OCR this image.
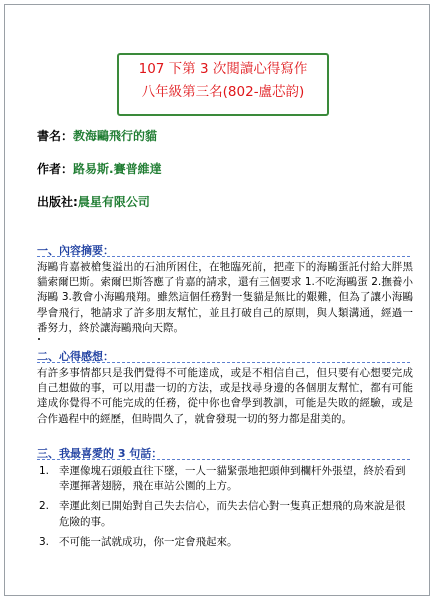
107 下第 3 次閱讀心得寫作
八年級第三名(802-盧芯韵)
書名：教海鷗飛行的貓
作者：路易斯.賽普維達
出版社:晨星有限公司
一、內容摘要：
海鷗肯嘉被槍隻溢出的石油所困住，在牠臨死前，把產下的海鷗蛋託付給大胖黑貓索爾巴斯。索爾巴斯答應了肯嘉的請求，還有三個要求 1.不吃海鷗蛋 2.撫養小海鷗 3.教會小海鷗飛翔。雖然這個任務對一隻貓是無比的艱難，但為了讓小海鷗學會飛行，牠請求了許多朋友幫忙，並且打破自己的原則，與人類溝通，經過一番努力，終於讓海鷗飛向天際。
二、心得感想：
有許多事情都只是我們覺得不可能達成，或是不相信自己，但只要有心想要完成自己想做的事，可以用盡一切的方法，或是找尋身邊的各個朋友幫忙，都有可能達成你覺得不可能完成的任務，從中你也會學到教訓，可能是失敗的經驗，或是合作過程中的經歷，但時間久了，就會發現一切的努力都是甜美的。
三、我最喜愛的 3 句話：
1. 幸運像塊石頭般直往下墜，一人一貓緊張地把頭伸到欄杆外張望，終於看到幸運揮著翅膀，飛在車站公園的上方。
2. 幸運此刻已開始對自己失去信心，而失去信心對一隻真正想飛的鳥來說是很危險的事。
3. 不可能一試就成功，你一定會飛起來。
